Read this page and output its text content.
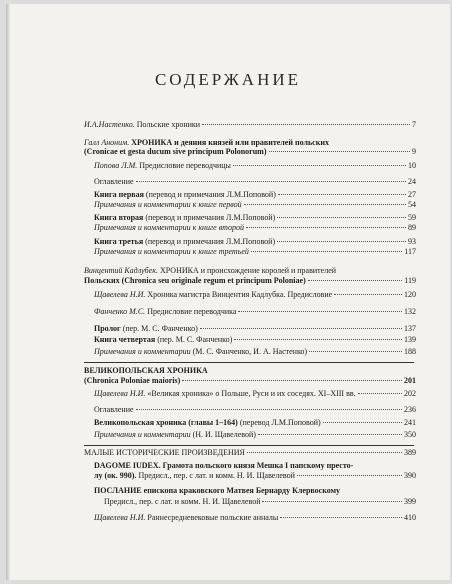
СОДЕРЖАНИЕ
И.А.Настенко. Польские хроники	7
Галл Аноним. ХРОНИКА и деяния князей или правителей польских
(Cronicae et gesta ducum sive principum Polonorum)	9
Попова Л.М. Предисловие переводчицы	10
Оглавление	24
Книга первая (перевод и примечания Л.М.Поповой)	27
Примечания и комментарии к книге первой	54
Книга вторая (перевод и примечания Л.М.Поповой)	59
Примечания и комментарии к книге второй	89
Книга третья (перевод и примечания Л.М.Поповой)	93
Примечания и комментарии к книге третьей	117
Винцентий Кадлубек. ХРОНИКА и происхождение королей и правителей
Польских (Chronica seu originale regum et principum Poloniae)	119
Щавелева Н.И. Хроника магистра Винцентия Кадлубка. Предисловие	120
Фанченко М.С. Предисловие переводчика	132
Пролог (пер. М. С. Фанченко)	137
Книга четвертая (пер. М. С. Фанченко)	139
Примечания и комментарии (М. С. Фанченко, И. А. Настенко)	188
ВЕЛИКОПОЛЬСКАЯ ХРОНИКА
(Chronica Poloniae maioris)	201
Щавелева Н.И. «Великая хроника» о Польше, Руси и их соседях. XI–XIII вв.	202
Оглавление	236
Великопольская хроника (главы 1–164) (перевод Л.М.Поповой)	241
Примечания и комментарии (Н. И. Щавелевой)	350
МАЛЫЕ ИСТОРИЧЕСКИЕ ПРОИЗВЕДЕНИЯ	389
DAGOME IUDEX. Грамота польского князя Мешка I папскому престо-
лу (ок. 990). Предисл., пер. с лат. и комм. Н. И. Щавелевой	390
ПОСЛАНИЕ епископа краковского Матвея Бернарду Клервоскому
Предисл., пер. с лат. и комм. Н. И. Щавелевой	399
Щавелева Н.И. Раннесредневековые польские анналы	410
